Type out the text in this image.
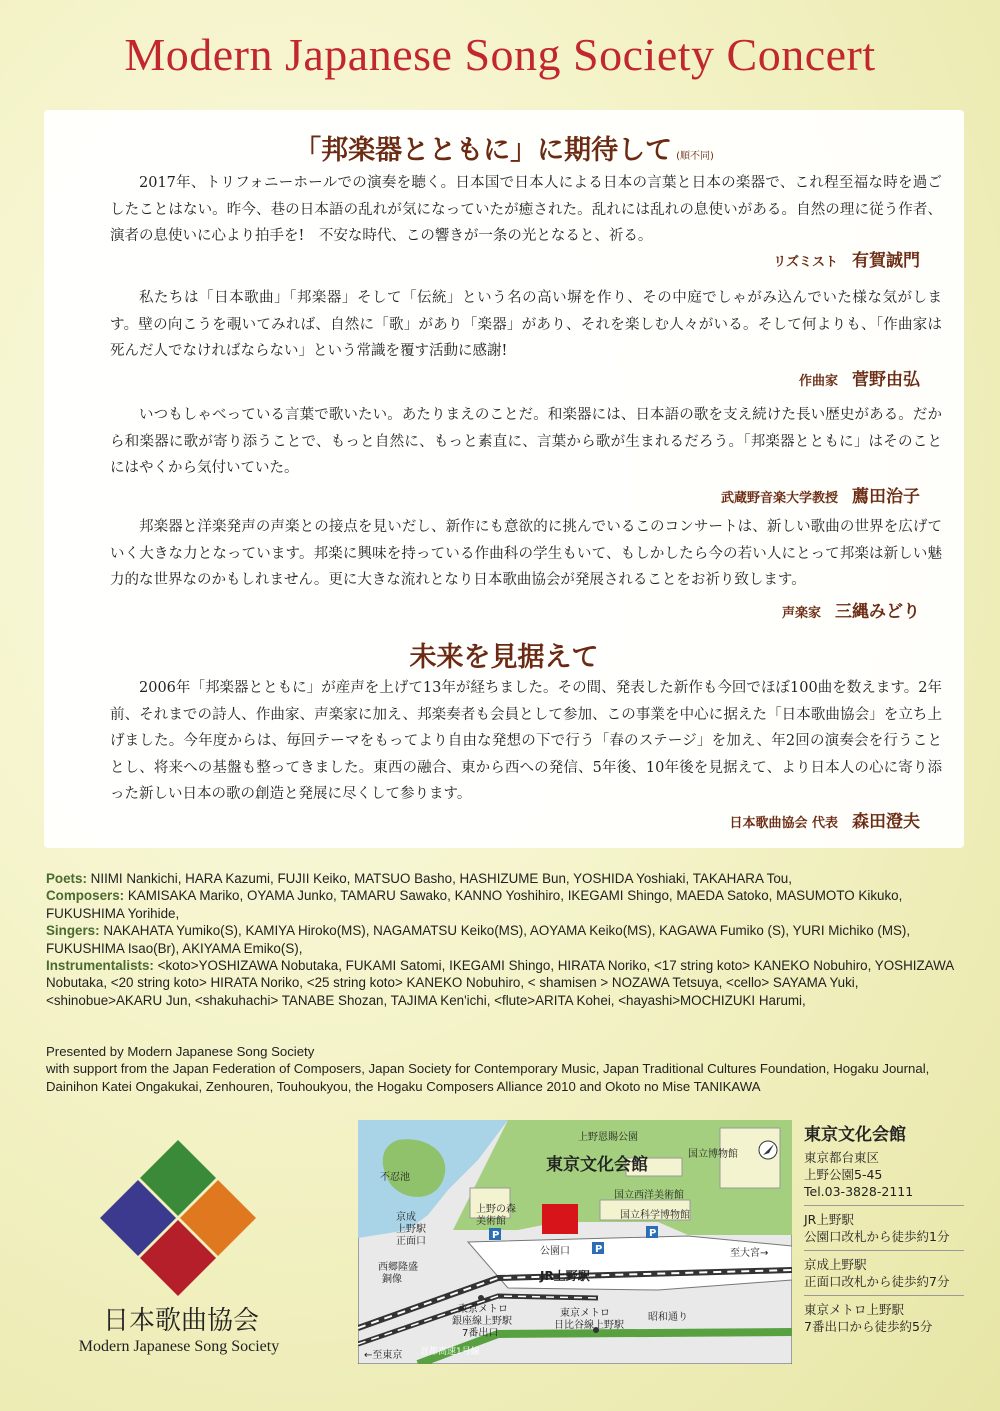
Modern Japanese Song Society Concert
「邦楽器とともに」に期待して (順不同)

2017年、トリフォニーホールでの演奏を聴く。日本国で日本人による日本の言葉と日本の楽器で、これ程至福な時を過ごしたことはない。昨今、巷の日本語の乱れが気になっていたが癒された。乱れには乱れの息使いがある。自然の理に従う作者、演者の息使いに心より拍手を!　不安な時代、この響きが一条の光となると、祈る。

リズミスト 有賀誠門

私たちは「日本歌曲」「邦楽器」そして「伝統」という名の高い塀を作り、その中庭でしゃがみ込んでいた様な気がします。壁の向こうを覗いてみれば、自然に「歌」があり「楽器」があり、それを楽しむ人々がいる。そして何よりも、「作曲家は死んだ人でなければならない」という常識を覆す活動に感謝!

作曲家 菅野由弘

いつもしゃべっている言葉で歌いたい。あたりまえのことだ。和楽器には、日本語の歌を支え続けた長い歴史がある。だから和楽器に歌が寄り添うことで、もっと自然に、もっと素直に、言葉から歌が生まれるだろう。「邦楽器とともに」はそのことにはやくから気付いていた。

武蔵野音楽大学教授 薦田治子

邦楽器と洋楽発声の声楽との接点を見いだし、新作にも意欲的に挑んでいるこのコンサートは、新しい歌曲の世界を広げていく大きな力となっています。邦楽に興味を持っている作曲科の学生もいて、もしかしたら今の若い人にとって邦楽は新しい魅力的な世界なのかもしれません。更に大きな流れとなり日本歌曲協会が発展されることをお祈り致します。

声楽家 三縄みどり
未来を見据えて

2006年「邦楽器とともに」が産声を上げて13年が経ちました。その間、発表した新作も今回でほぼ100曲を数えます。2年前、それまでの詩人、作曲家、声楽家に加え、邦楽奏者も会員として参加、この事業を中心に据えた「日本歌曲協会」を立ち上げました。今年度からは、毎回テーマをもってより自由な発想の下で行う「春のステージ」を加え、年2回の演奏会を行うこととし、将来への基盤も整ってきました。東西の融合、東から西への発信、5年後、10年後を見据えて、より日本人の心に寄り添った新しい日本の歌の創造と発展に尽くして参ります。

日本歌曲協会 代表 森田澄夫
Poets: NIIMI Nankichi, HARA Kazumi, FUJII Keiko, MATSUO Basho, HASHIZUME Bun, YOSHIDA Yoshiaki, TAKAHARA Tou,
Composers: KAMISAKA Mariko, OYAMA Junko, TAMARU Sawako, KANNO Yoshihiro, IKEGAMI Shingo, MAEDA Satoko, MASUMOTO Kikuko, FUKUSHIMA Yorihide,
Singers: NAKAHATA Yumiko(S), KAMIYA Hiroko(MS), NAGAMATSU Keiko(MS), AOYAMA Keiko(MS), KAGAWA Fumiko (S), YURI Michiko (MS), FUKUSHIMA Isao(Br), AKIYAMA Emiko(S),
Instrumentalists: <koto>YOSHIZAWA Nobutaka, FUKAMI Satomi, IKEGAMI Shingo, HIRATA Noriko, <17 string koto> KANEKO Nobuhiro, YOSHIZAWA Nobutaka, <20 string koto> HIRATA Noriko, <25 string koto> KANEKO Nobuhiro, < shamisen > NOZAWA Tetsuya, <cello> SAYAMA Yuki, <shinobue>AKARU Jun, <shakuhachi> TANABE Shozan, TAJIMA Ken'ichi, <flute>ARITA Kohei, <hayashi>MOCHIZUKI Harumi,
Presented by Modern Japanese Song Society
with support from the Japan Federation of Composers, Japan Society for Contemporary Music, Japan Traditional Cultures Foundation, Hogaku Journal, Dainihon Katei Ongakukai, Zenhouren, Touhoukyou, the Hogaku Composers Alliance 2010 and Okoto no Mise TANIKAWA
日本歌曲協会
Modern Japanese Song Society
上野恩賜公園
国立博物館
不忍池
東京文化会館
国立西洋美術館
国立科学博物館
上野の森
美術館
京成
上野駅
正面口
公園口
JR上野駅
西郷隆盛
銅像
至大宮→
東京メトロ
銀座線上野駅
7番出口
東京メトロ
日比谷線上野駅
昭和通り
←至東京 首都高速1号線
P
P
P
東京文化会館
東京都台東区
上野公園5-45
Tel.03-3828-2111
JR上野駅
公園口改札から徒歩約1分
京成上野駅
正面口改札から徒歩約7分
東京メトロ上野駅
7番出口から徒歩約5分
